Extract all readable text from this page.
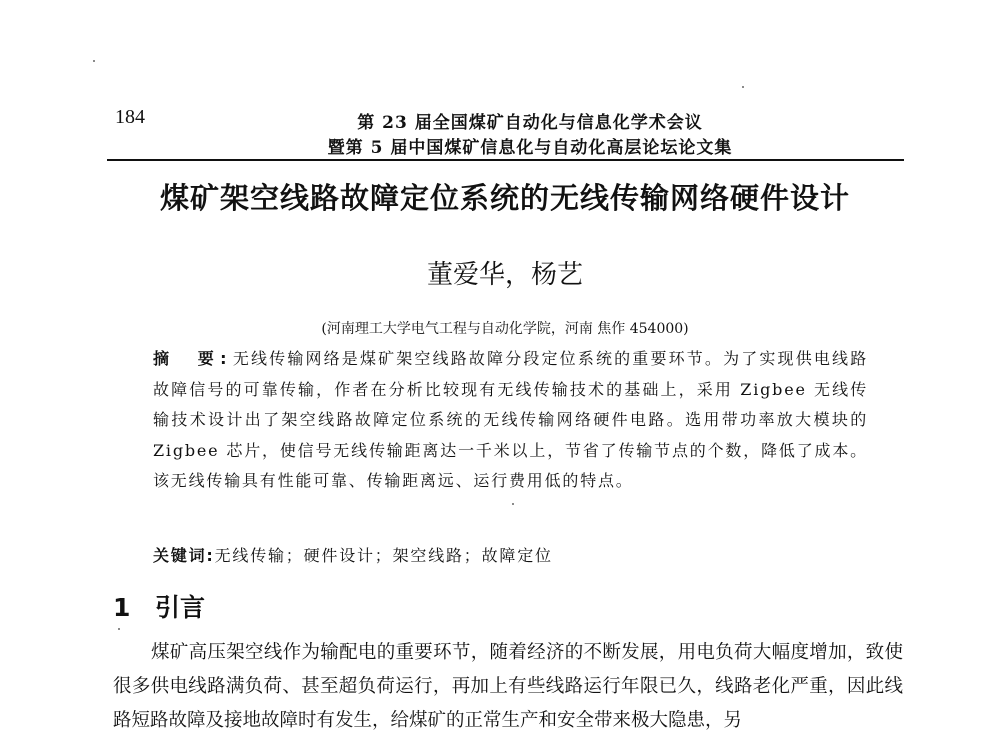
184	第 23 届全国煤矿自动化与信息化学术会议
暨第 5 届中国煤矿信息化与自动化高层论坛论文集
煤矿架空线路故障定位系统的无线传输网络硬件设计
董爱华，杨艺
(河南理工大学电气工程与自动化学院，河南 焦作 454000)
摘　要:无线传输网络是煤矿架空线路故障分段定位系统的重要环节。为了实现供电线路故障信号的可靠传输，作者在分析比较现有无线传输技术的基础上，采用 Zigbee 无线传输技术设计出了架空线路故障定位系统的无线传输网络硬件电路。选用带功率放大模块的 Zigbee 芯片，使信号无线传输距离达一千米以上，节省了传输节点的个数，降低了成本。该无线传输具有性能可靠、传输距离远、运行费用低的特点。
关键词:无线传输；硬件设计；架空线路；故障定位
1 引言
煤矿高压架空线作为输配电的重要环节，随着经济的不断发展，用电负荷大幅度增加，致使很多供电线路满负荷、甚至超负荷运行，再加上有些线路运行年限已久，线路老化严重，因此线路短路故障及接地故障时有发生，给煤矿的正常生产和安全带来极大隐患，另
